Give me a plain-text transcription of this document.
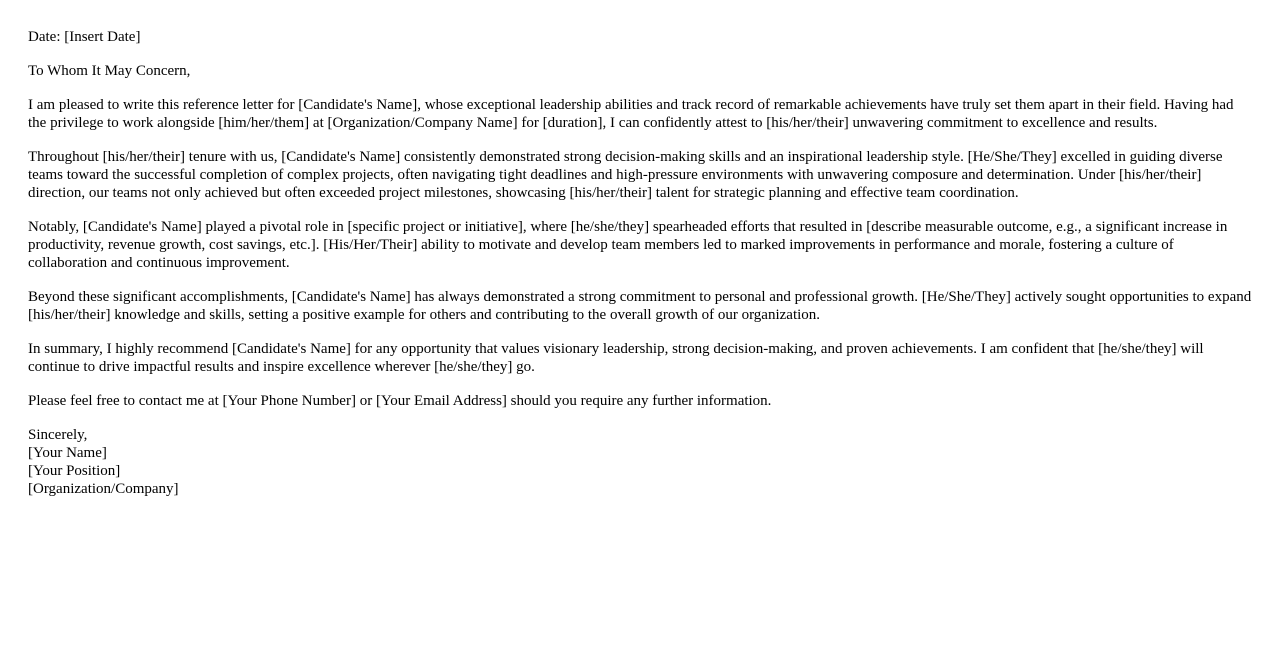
Date: [Insert Date]

To Whom It May Concern,

I am pleased to write this reference letter for [Candidate's Name], whose exceptional leadership abilities and track record of remarkable achievements have truly set them apart in their field. Having had the privilege to work alongside [him/her/them] at [Organization/Company Name] for [duration], I can confidently attest to [his/her/their] unwavering commitment to excellence and results.

Throughout [his/her/their] tenure with us, [Candidate's Name] consistently demonstrated strong decision-making skills and an inspirational leadership style. [He/She/They] excelled in guiding diverse teams toward the successful completion of complex projects, often navigating tight deadlines and high-pressure environments with unwavering composure and determination. Under [his/her/their] direction, our teams not only achieved but often exceeded project milestones, showcasing [his/her/their] talent for strategic planning and effective team coordination.

Notably, [Candidate's Name] played a pivotal role in [specific project or initiative], where [he/she/they] spearheaded efforts that resulted in [describe measurable outcome, e.g., a significant increase in productivity, revenue growth, cost savings, etc.]. [His/Her/Their] ability to motivate and develop team members led to marked improvements in performance and morale, fostering a culture of collaboration and continuous improvement.

Beyond these significant accomplishments, [Candidate's Name] has always demonstrated a strong commitment to personal and professional growth. [He/She/They] actively sought opportunities to expand [his/her/their] knowledge and skills, setting a positive example for others and contributing to the overall growth of our organization.

In summary, I highly recommend [Candidate's Name] for any opportunity that values visionary leadership, strong decision-making, and proven achievements. I am confident that [he/she/they] will continue to drive impactful results and inspire excellence wherever [he/she/they] go.

Please feel free to contact me at [Your Phone Number] or [Your Email Address] should you require any further information.

Sincerely,

[Your Name]

[Your Position]

[Organization/Company]
